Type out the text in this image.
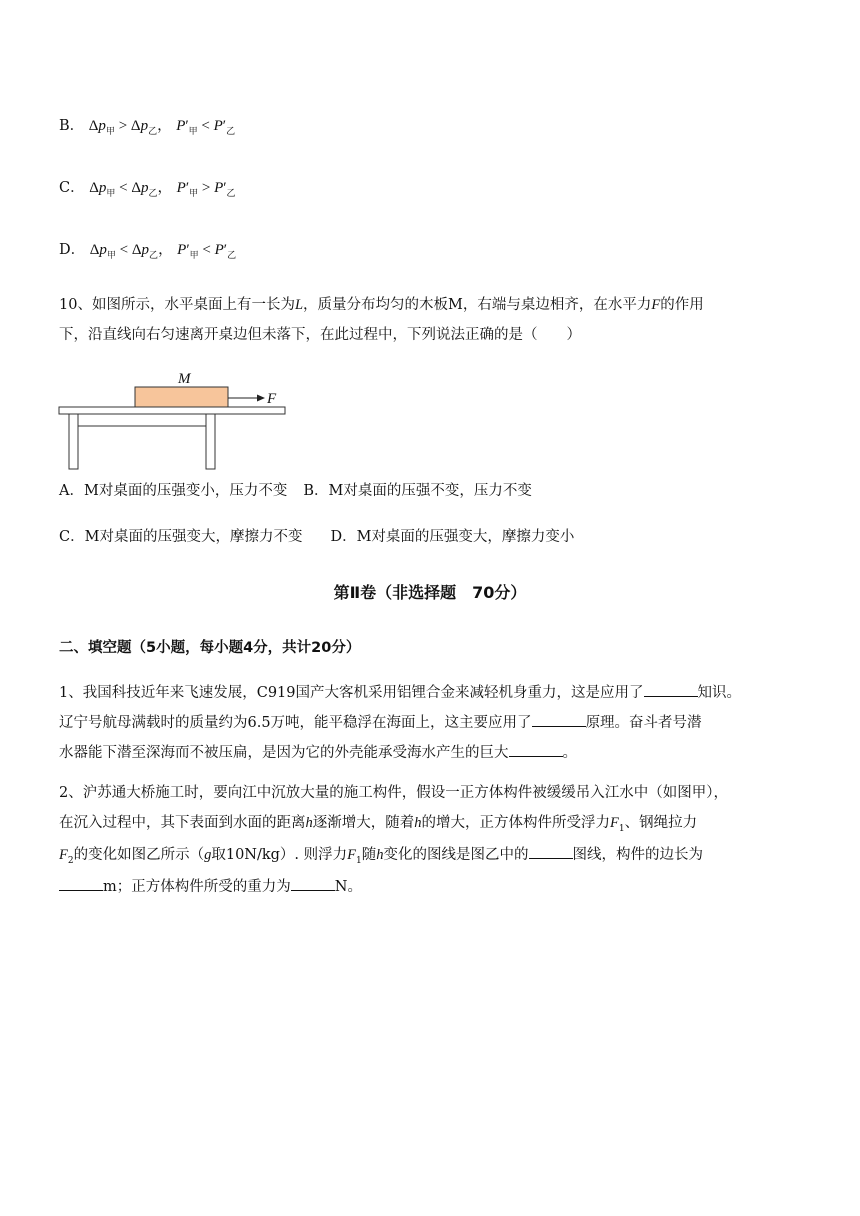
B． $\Delta p_甲 > \Delta p_乙$， $P'_甲 < P'_乙$
C． $\Delta p_甲 < \Delta p_乙$， $P'_甲 > P'_乙$
D． $\Delta p_甲 < \Delta p_乙$， $P'_甲 < P'_乙$
10、如图所示，水平桌面上有一长为L，质量分布均匀的木板M，右端与桌边相齐，在水平力F的作用
下，沿直线向右匀速离开桌边但未落下，在此过程中，下列说法正确的是（　　）
M
F
A．M对桌面的压强变小，压力不变 B．M对桌面的压强不变，压力不变
C．M对桌面的压强变大，摩擦力不变 D．M对桌面的压强变大，摩擦力变小
第Ⅱ卷（非选择题　70分）
二、填空题（5小题，每小题4分，共计20分）
1、我国科技近年来飞速发展，C919国产大客机采用铝锂合金来减轻机身重力，这是应用了	知识。
辽宁号航母满载时的质量约为6.5万吨，能平稳浮在海面上，这主要应用了	原理。奋斗者号潜
水器能下潜至深海而不被压扁，是因为它的外壳能承受海水产生的巨大	。
2、沪苏通大桥施工时，要向江中沉放大量的施工构件，假设一正方体构件被缓缓吊入江水中（如图甲），
在沉入过程中，其下表面到水面的距离h逐渐增大，随着h的增大，正方体构件所受浮力$F_1$、钢绳拉力
$F_2$的变化如图乙所示（g取10N/kg）. 则浮力$F_1$随h变化的图线是图乙中的	图线，构件的边长为
m；正方体构件所受的重力为	N。
